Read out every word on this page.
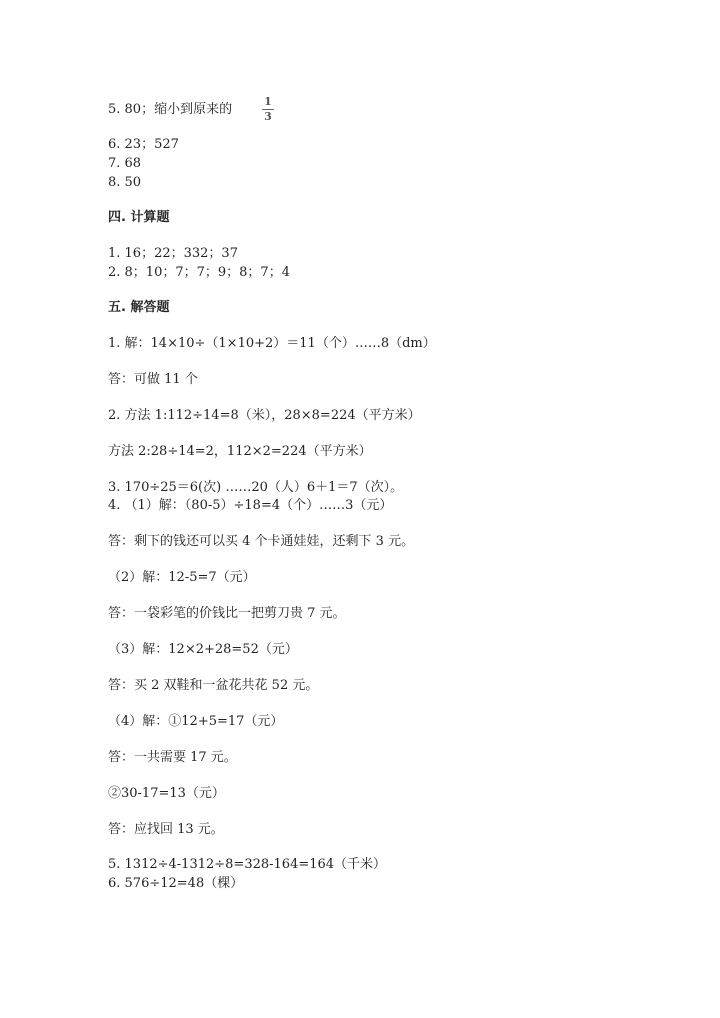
5. 80；缩小到原来的
1
3
6. 23；527
7. 68
8. 50
四. 计算题
1. 16；22；332；37
2. 8；10；7；7；9；8；7；4
五. 解答题
1. 解：14×10÷（1×10+2）＝11（个）……8（dm）
答：可做 11 个
2. 方法 1:112÷14=8（米），28×8=224（平方米）
方法 2:28÷14=2，112×2=224（平方米）
3. 170÷25＝6(次) ……20（人）6＋1＝7（次）。
4. （1）解：（80-5）÷18=4（个）……3（元）
答：剩下的钱还可以买 4 个卡通娃娃，还剩下 3 元。
（2）解：12-5=7（元）
答：一袋彩笔的价钱比一把剪刀贵 7 元。
（3）解：12×2+28=52（元）
答：买 2 双鞋和一盆花共花 52 元。
（4）解：①12+5=17（元）
答：一共需要 17 元。
②30-17=13（元）
答：应找回 13 元。
5. 1312÷4-1312÷8=328-164=164（千米）
6. 576÷12=48（棵）
